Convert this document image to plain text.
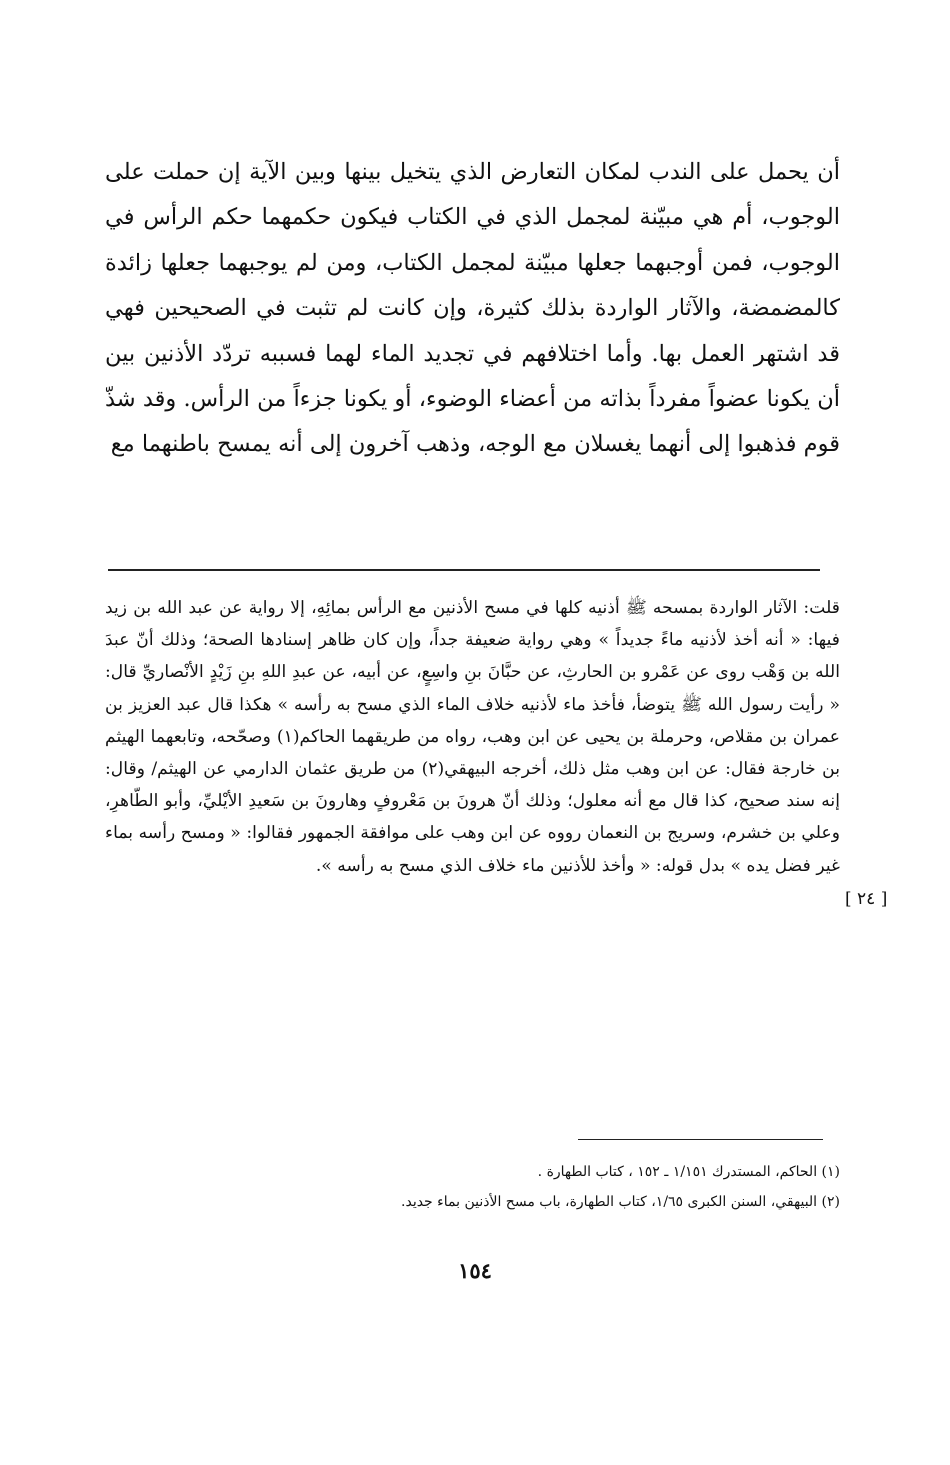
أن يحمل على الندب لمكان التعارض الذي يتخيل بينها وبين الآية إن حملت على الوجوب، أم هي مبيّنة لمجمل الذي في الكتاب فيكون حكمهما حكم الرأس في الوجوب، فمن أوجبهما جعلها مبيّنة لمجمل الكتاب، ومن لم يوجبهما جعلها زائدة كالمضمضة، والآثار الواردة بذلك كثيرة، وإن كانت لم تثبت في الصحيحين فهي قد اشتهر العمل بها. وأما اختلافهم في تجديد الماء لهما فسببه تردّد الأذنين بين أن يكونا عضواً مفرداً بذاته من أعضاء الوضوء، أو يكونا جزءاً من الرأس. وقد شذّ قوم فذهبوا إلى أنهما يغسلان مع الوجه، وذهب آخرون إلى أنه يمسح باطنهما مع

قلت: الآثار الواردة بمسحه ﷺ أذنيه كلها في مسح الأذنين مع الرأس بمائِهِ، إلا رواية عن عبد الله بن زيد فيها: « أنه أخذ لأذنيه ماءً جديداً » وهي رواية ضعيفة جداً، وإن كان ظاهر إسنادها الصحة؛ وذلك أنّ عبدَ الله بن وَهْب روى عن عَمْرو بن الحارثِ، عن حبَّانَ بنِ واسِعٍ، عن أبيه، عن عبدِ اللهِ بنِ زَيْدٍ الأنْصاريِّ قال: « رأيت رسول الله ﷺ يتوضأ، فأخذ ماء لأذنيه خلاف الماء الذي مسح به رأسه » هكذا قال عبد العزيز بن عمران بن مقلاص، وحرملة بن يحيى عن ابن وهب، رواه من طريقهما الحاكم(١) وصحّحه، وتابعهما الهيثم بن خارجة فقال: عن ابن وهب مثل ذلك، أخرجه البيهقي(٢) من طريق عثمان الدارمي عن الهيثم/ وقال: إنه سند صحيح، كذا قال مع أنه معلول؛ وذلك أنّ هرونَ بن مَعْروفٍ وهارونَ بن سَعيدِ الأيْليِّ، وأبو الطّاهرِ، وعلي بن خشرم، وسريج بن النعمان رووه عن ابن وهب على موافقة الجمهور فقالوا: « ومسح رأسه بماء غير فضل يده » بدل قوله: « وأخذ للأذنين ماء خلاف الذي مسح به رأسه ».

[ ٢٤ ]

(١) الحاكم، المستدرك ١/١٥١ ـ ١٥٢ ، كتاب الطهارة .

(٢) البيهقي، السنن الكبرى ١/٦٥، كتاب الطهارة، باب مسح الأذنين بماء جديد.

١٥٤
